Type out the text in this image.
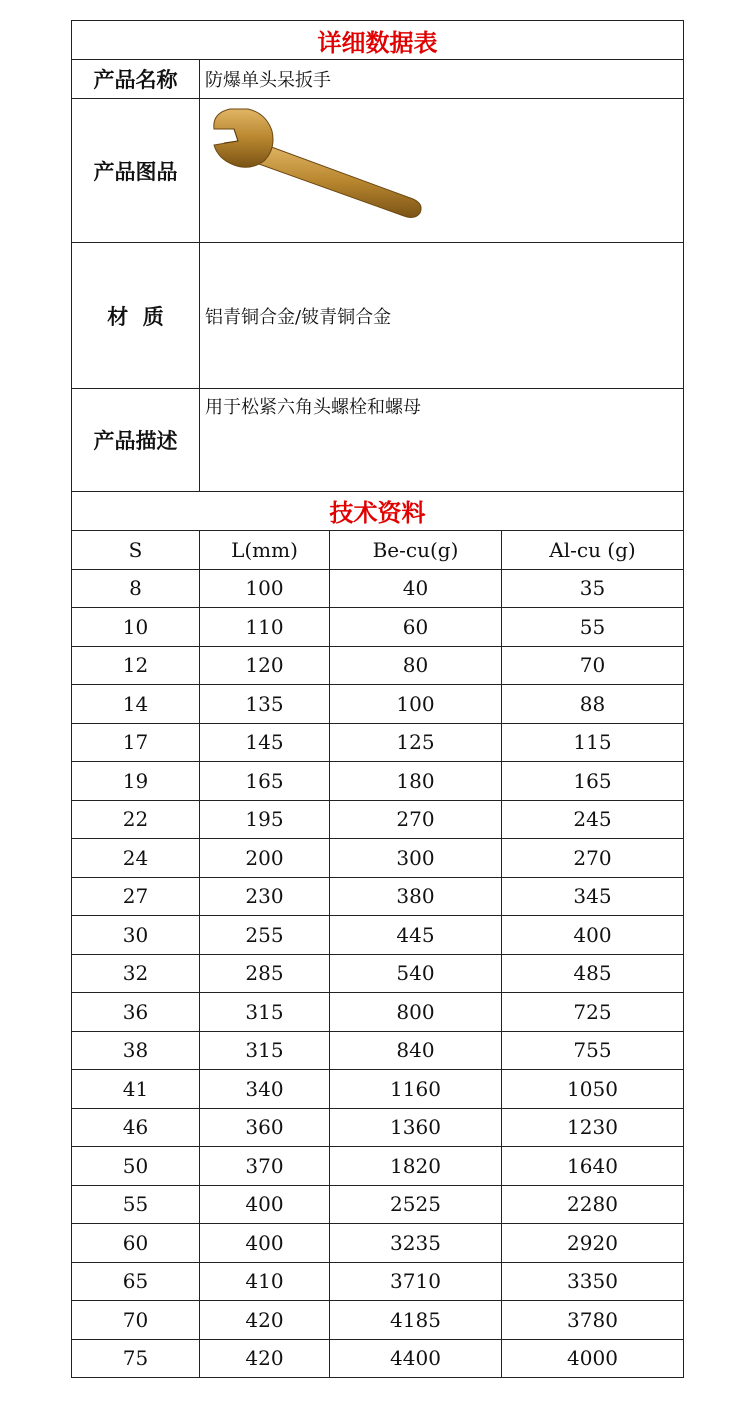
详细数据表	
产品名称	防爆单头呆扳手
产品图品	

材  质	铝青铜合金/铍青铜合金
产品描述	用于松紧六角头螺栓和螺母
技术资料			
S	L(mm)	Be-cu(g)	Al-cu (g)
8	100	40	35
10	110	60	55
12	120	80	70
14	135	100	88
17	145	125	115
19	165	180	165
22	195	270	245
24	200	300	270
27	230	380	345
30	255	445	400
32	285	540	485
36	315	800	725
38	315	840	755
41	340	1160	1050
46	360	1360	1230
50	370	1820	1640
55	400	2525	2280
60	400	3235	2920
65	410	3710	3350
70	420	4185	3780
75	420	4400	4000
